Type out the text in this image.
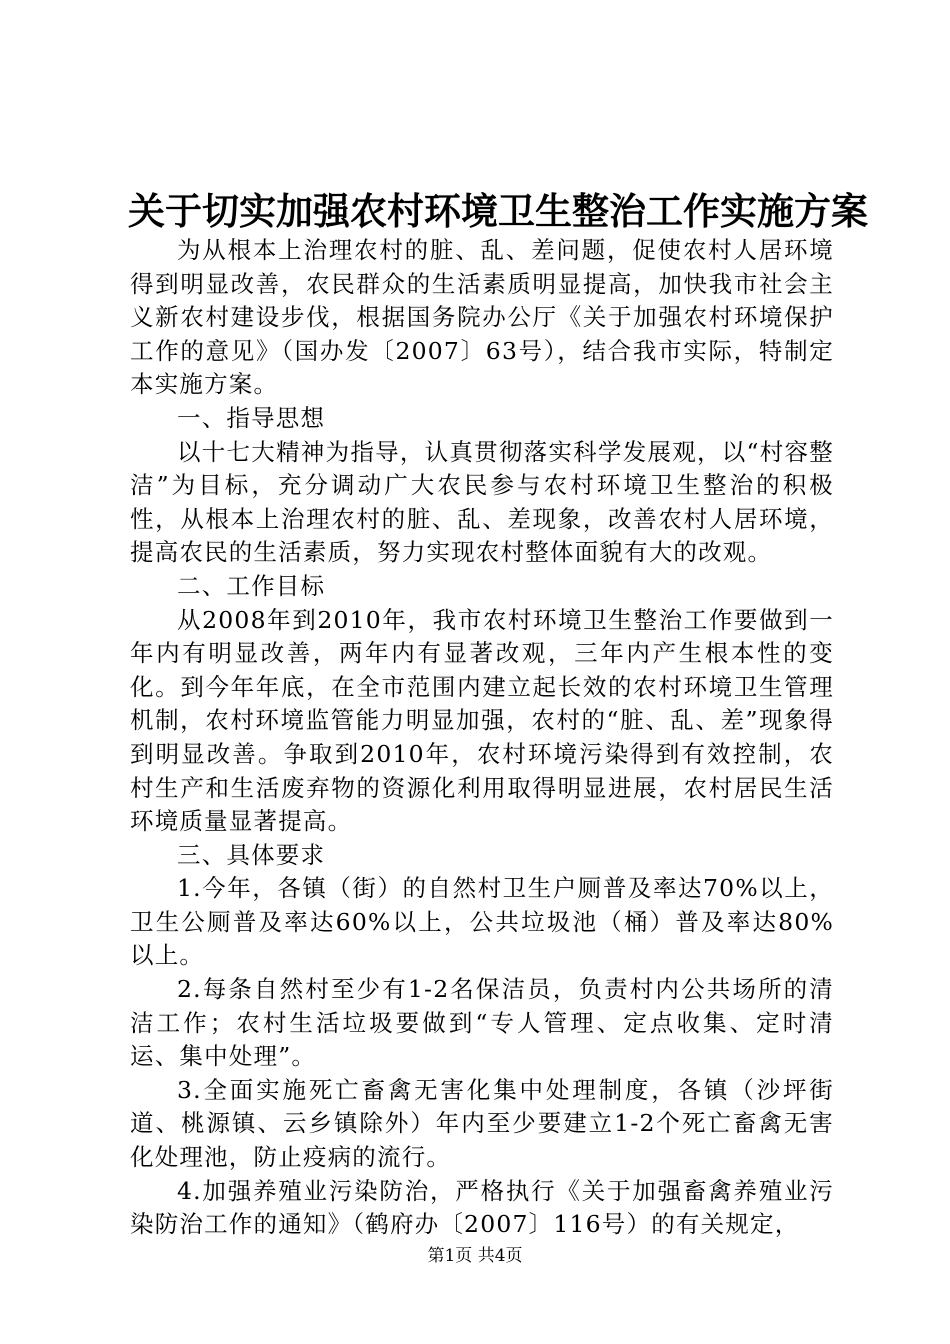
关于切实加强农村环境卫生整治工作实施方案

为从根本上治理农村的脏、乱、差问题，促使农村人居环境得到明显改善，农民群众的生活素质明显提高，加快我市社会主义新农村建设步伐，根据国务院办公厅《关于加强农村环境保护工作的意见》（国办发〔2007〕63号），结合我市实际，特制定本实施方案。

一、指导思想

以十七大精神为指导，认真贯彻落实科学发展观，以“村容整洁”为目标，充分调动广大农民参与农村环境卫生整治的积极性，从根本上治理农村的脏、乱、差现象，改善农村人居环境，提高农民的生活素质，努力实现农村整体面貌有大的改观。

二、工作目标

从2008年到2010年，我市农村环境卫生整治工作要做到一年内有明显改善，两年内有显著改观，三年内产生根本性的变化。到今年年底，在全市范围内建立起长效的农村环境卫生管理机制，农村环境监管能力明显加强，农村的“脏、乱、差”现象得到明显改善。争取到2010年，农村环境污染得到有效控制，农村生产和生活废弃物的资源化利用取得明显进展，农村居民生活环境质量显著提高。

三、具体要求

1.今年，各镇（街）的自然村卫生户厕普及率达70%以上，卫生公厕普及率达60%以上，公共垃圾池（桶）普及率达80%以上。

2.每条自然村至少有1-2名保洁员，负责村内公共场所的清洁工作；农村生活垃圾要做到“专人管理、定点收集、定时清运、集中处理”。

3.全面实施死亡畜禽无害化集中处理制度，各镇（沙坪街道、桃源镇、云乡镇除外）年内至少要建立1-2个死亡畜禽无害化处理池，防止疫病的流行。

4.加强养殖业污染防治，严格执行《关于加强畜禽养殖业污染防治工作的通知》（鹤府办〔2007〕116号）的有关规定，

第1页 共4页
